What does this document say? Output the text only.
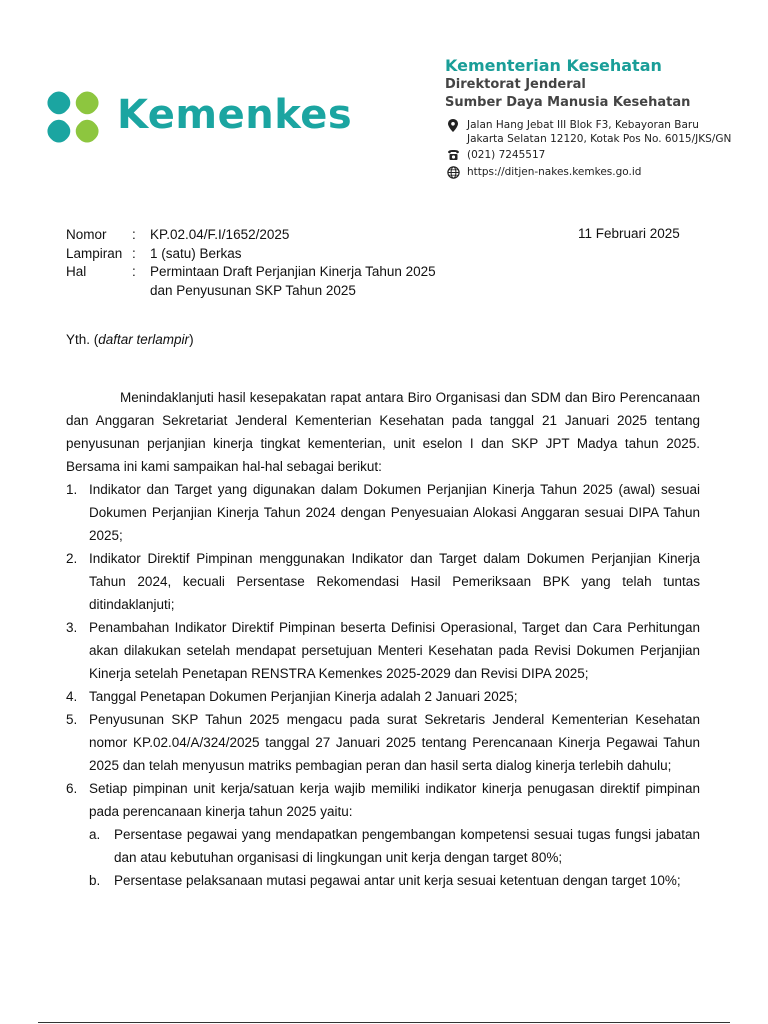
Kemenkes
Kementerian Kesehatan
Direktorat Jenderal
Sumber Daya Manusia Kesehatan
Jalan Hang Jebat III Blok F3, Kebayoran Baru
Jakarta Selatan 12120, Kotak Pos No. 6015/JKS/GN
(021) 7245517
https://ditjen-nakes.kemkes.go.id
Nomor	:	KP.02.04/F.I/1652/2025
Lampiran :	1 (satu) Berkas
Hal	:	Permintaan Draft Perjanjian Kinerja Tahun 2025
dan Penyusunan SKP Tahun 2025
11 Februari 2025
Yth. (daftar terlampir)

Menindaklanjuti hasil kesepakatan rapat antara Biro Organisasi dan SDM dan Biro Perencanaan dan Anggaran Sekretariat Jenderal Kementerian Kesehatan pada tanggal 21 Januari 2025 tentang penyusunan perjanjian kinerja tingkat kementerian, unit eselon I dan SKP JPT Madya tahun 2025. Bersama ini kami sampaikan hal-hal sebagai berikut:

1. Indikator dan Target yang digunakan dalam Dokumen Perjanjian Kinerja Tahun 2025 (awal) sesuai Dokumen Perjanjian Kinerja Tahun 2024 dengan Penyesuaian Alokasi Anggaran sesuai DIPA Tahun 2025;
2. Indikator Direktif Pimpinan menggunakan Indikator dan Target dalam Dokumen Perjanjian Kinerja Tahun 2024, kecuali Persentase Rekomendasi Hasil Pemeriksaan BPK yang telah tuntas ditindaklanjuti;
3. Penambahan Indikator Direktif Pimpinan beserta Definisi Operasional, Target dan Cara Perhitungan akan dilakukan setelah mendapat persetujuan Menteri Kesehatan pada Revisi Dokumen Perjanjian Kinerja setelah Penetapan RENSTRA Kemenkes 2025-2029 dan Revisi DIPA 2025;
4. Tanggal Penetapan Dokumen Perjanjian Kinerja adalah 2 Januari 2025;
5. Penyusunan SKP Tahun 2025 mengacu pada surat Sekretaris Jenderal Kementerian Kesehatan nomor KP.02.04/A/324/2025 tanggal 27 Januari 2025 tentang Perencanaan Kinerja Pegawai Tahun 2025 dan telah menyusun matriks pembagian peran dan hasil serta dialog kinerja terlebih dahulu;
6. Setiap pimpinan unit kerja/satuan kerja wajib memiliki indikator kinerja penugasan direktif pimpinan pada perencanaan kinerja tahun 2025 yaitu:
a.	Persentase pegawai yang mendapatkan pengembangan kompetensi sesuai tugas fungsi jabatan dan atau kebutuhan organisasi di lingkungan unit kerja dengan target 80%;
b.	Persentase pelaksanaan mutasi pegawai antar unit kerja sesuai ketentuan dengan target 10%;
